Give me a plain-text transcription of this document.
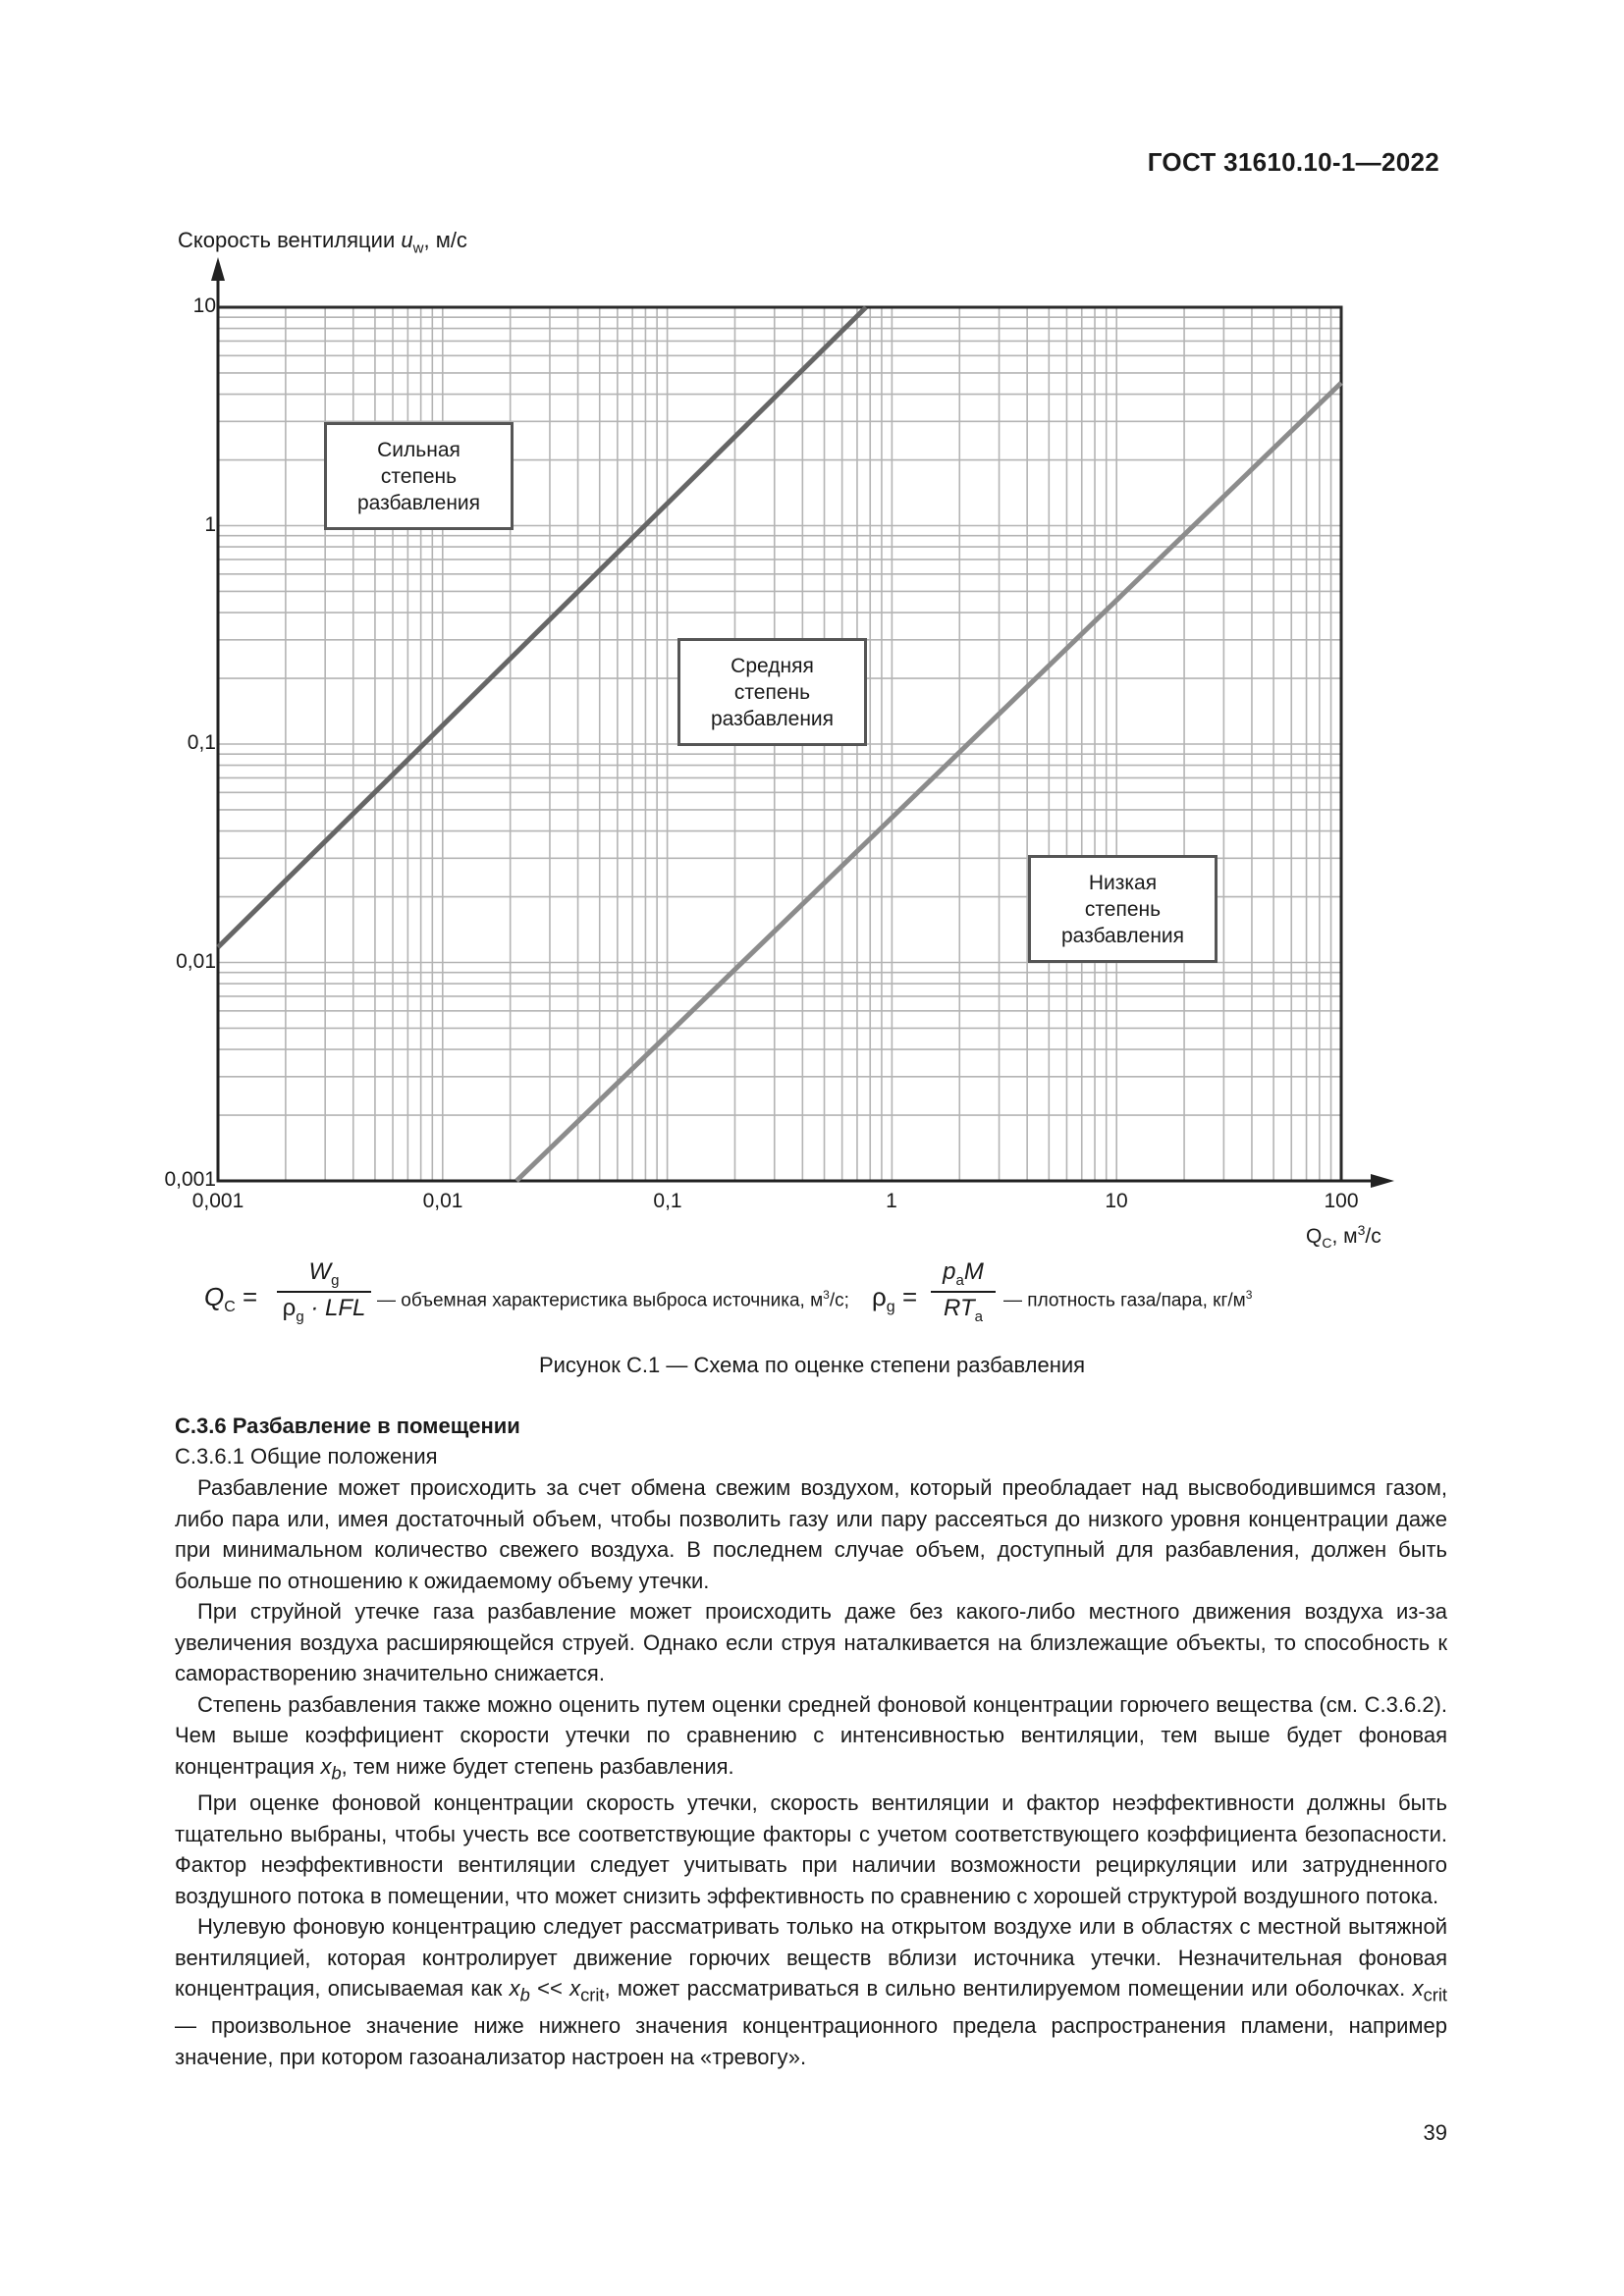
ГОСТ 31610.10-1—2022
Скорость вентиляции $u_w$, м/с
10
1
0,1
0,01
0,001
0,001	0,01	0,1	1	10	100
$Q_C$, $м^3/с$
Сильная
степень
разбавления
Средняя
степень
разбавления
Низкая
степень
разбавления
$Q_C$ =
$W_g$
$\rho_g$ · LFL — объемная характеристика выброса источника, $м^3/с$; $\rho_g$ =
$p_aM$
$RT_a$
— плотность газа/пара, $кг/м^3$
Рисунок С.1 — Схема по оценке степени разбавления
С.3.6 Разбавление в помещении
С.3.6.1 Общие положения

Разбавление может происходить за счет обмена свежим воздухом, который преобладает над высвободившимся газом, либо пара или, имея достаточный объем, чтобы позволить газу или пару рассеяться до низкого уровня концентрации даже при минимальном количество свежего воздуха. В последнем случае объем, доступный для разбавления, должен быть больше по отношению к ожидаемому объему утечки.

При струйной утечке газа разбавление может происходить даже без какого-либо местного движения воздуха из-за увеличения воздуха расширяющейся струей. Однако если струя наталкивается на близлежащие объекты, то способность к саморастворению значительно снижается.

Степень разбавления также можно оценить путем оценки средней фоновой концентрации горючего вещества (см. С.3.6.2). Чем выше коэффициент скорости утечки по сравнению с интенсивностью вентиляции, тем выше будет фоновая концентрация $x_b$, тем ниже будет степень разбавления.

При оценке фоновой концентрации скорость утечки, скорость вентиляции и фактор неэффективности должны быть тщательно выбраны, чтобы учесть все соответствующие факторы с учетом соответствующего коэффициента безопасности. Фактор неэффективности вентиляции следует учитывать при наличии возможности рециркуляции или затрудненного воздушного потока в помещении, что может снизить эффективность по сравнению с хорошей структурой воздушного потока.

Нулевую фоновую концентрацию следует рассматривать только на открытом воздухе или в областях с местной вытяжной вентиляцией, которая контролирует движение горючих веществ вблизи источника утечки. Незначительная фоновая концентрация, описываемая как $x_b << x_{crit}$, может рассматриваться в сильно вентилируемом помещении или оболочках. $x_{crit}$ — произвольное значение ниже нижнего значения концентрационного предела распространения пламени, например значение, при котором газоанализатор настроен на «тревогу».

39
